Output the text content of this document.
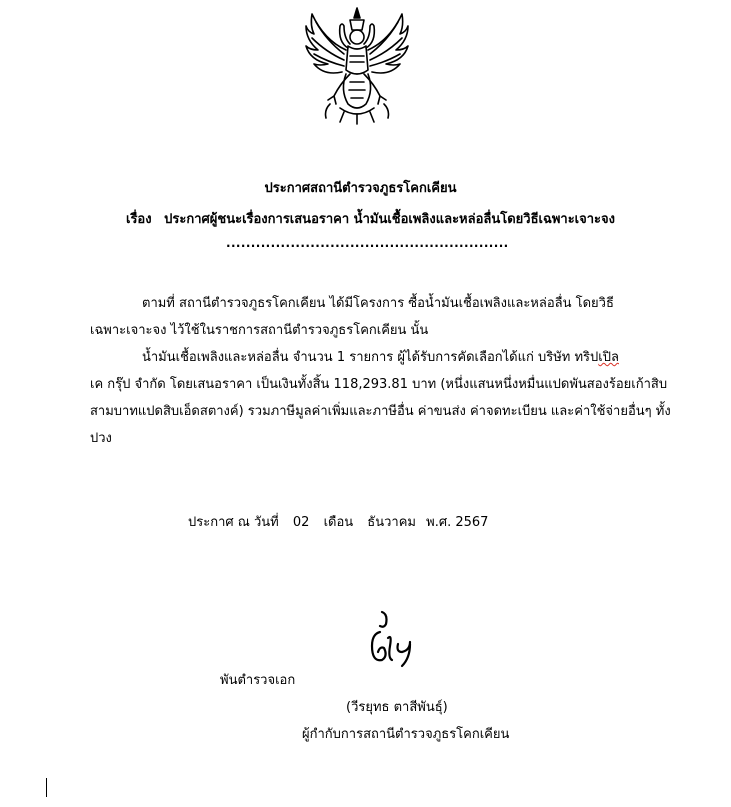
ประกาศสถานีตำรวจภูธรโคกเคียน
เรื่อง ประกาศผู้ชนะเรื่องการเสนอราคา น้ำมันเชื้อเพลิงและหล่อลื่นโดยวิธีเฉพาะเจาะจง
.........................................................
ตามที่ สถานีตำรวจภูธรโคกเคียน ได้มีโครงการ ซื้อน้ำมันเชื้อเพลิงและหล่อลื่น โดยวิธี
เฉพาะเจาะจง ไว้ใช้ในราชการสถานีตำรวจภูธรโคกเคียน นั้น
น้ำมันเชื้อเพลิงและหล่อลื่น จำนวน 1 รายการ ผู้ได้รับการคัดเลือกได้แก่ บริษัท ทริปเปิล
เค กรุ๊ป จำกัด โดยเสนอราคา เป็นเงินทั้งสิ้น 118,293.81 บาท (หนึ่งแสนหนึ่งหมื่นแปดพันสองร้อยเก้าสิบ
สามบาทแปดสิบเอ็ดสตางค์) รวมภาษีมูลค่าเพิ่มและภาษีอื่น ค่าขนส่ง ค่าจดทะเบียน และค่าใช้จ่ายอื่นๆ ทั้ง
ปวง
ประกาศ ณ วันที่ 02 เดือน ธันวาคม พ.ศ. 2567
พันตำรวจเอก
(วีรยุทธ ตาสีพันธุ์)
ผู้กำกับการสถานีตำรวจภูธรโคกเคียน
